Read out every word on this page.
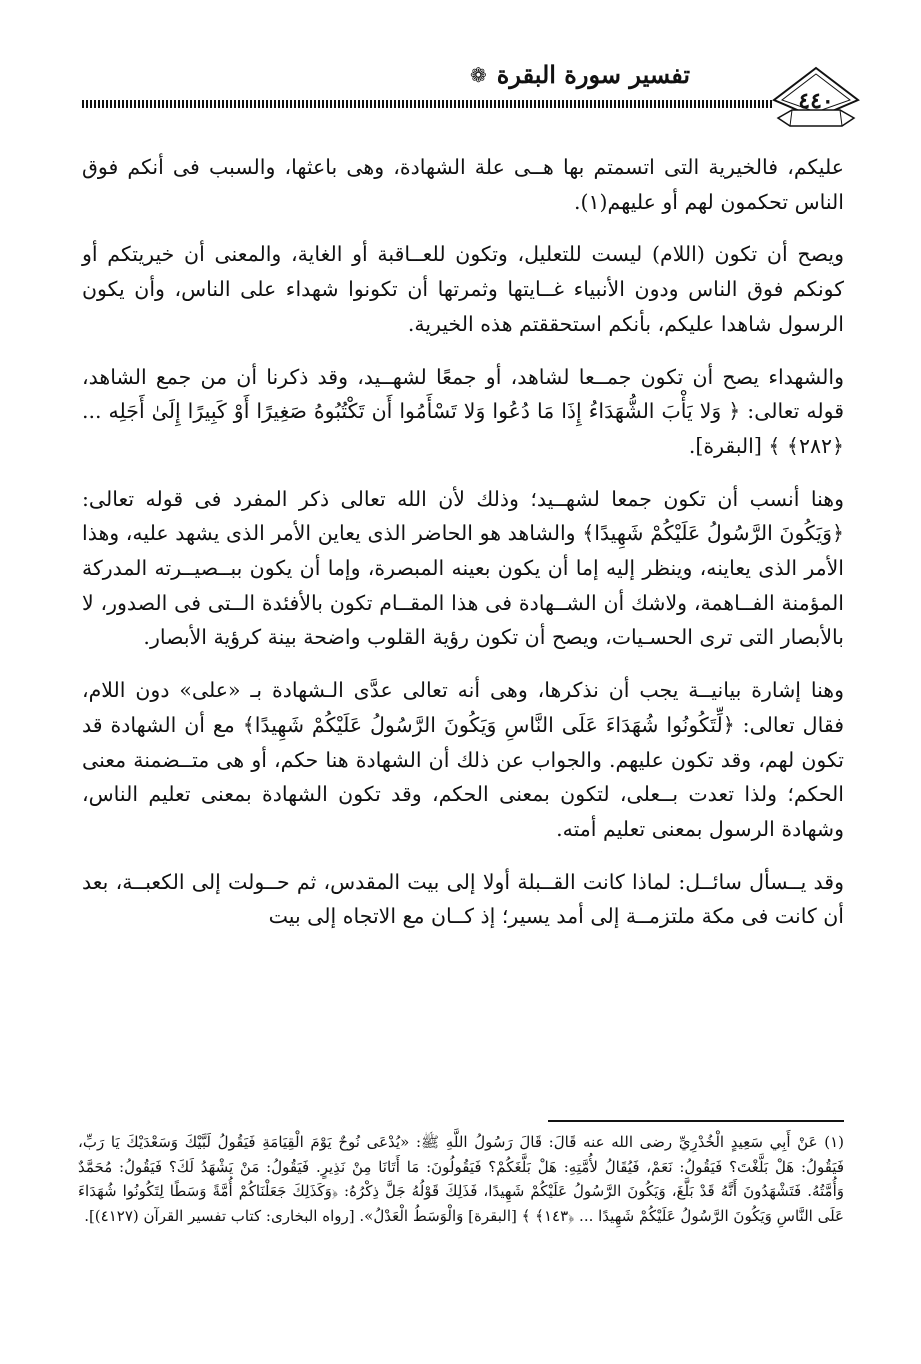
❁ تفسير سورة البقرة
٤٤٠

عليكم، فالخيرية التى اتسمتم بها هــى علة الشهادة، وهى باعثها، والسبب فى أنكم فوق الناس تحكمون لهم أو عليهم(١).

ويصح أن تكون (اللام) ليست للتعليل، وتكون للعــاقبة أو الغاية، والمعنى أن خيريتكم أو كونكم فوق الناس ودون الأنبياء غــايتها وثمرتها أن تكونوا شهداء على الناس، وأن يكون الرسول شاهدا عليكم، بأنكم استحققتم هذه الخيرية.

والشهداء يصح أن تكون جمــعا لشاهد، أو جمعًا لشهــيد، وقد ذكرنا أن من جمع الشاهد، قوله تعالى: ﴿ وَلا يَأْبَ الشُّهَدَاءُ إِذَا مَا دُعُوا وَلا تَسْأَمُوا أَن تَكْتُبُوهُ صَغِيرًا أَوْ كَبِيرًا إِلَىٰ أَجَلِه ... ﴿٢٨٢﴾ ﴾ [البقرة].

وهنا أنسب أن تكون جمعا لشهــيد؛ وذلك لأن الله تعالى ذكر المفرد فى قوله تعالى: ﴿وَيَكُونَ الرَّسُولُ عَلَيْكُمْ شَهِيدًا﴾ والشاهد هو الحاضر الذى يعاين الأمر الذى يشهد عليه، وهذا الأمر الذى يعاينه، وينظر إليه إما أن يكون بعينه المبصرة، وإما أن يكون ببــصيــرته المدركة المؤمنة الفــاهمة، ولاشك أن الشــهادة فى هذا المقــام تكون بالأفئدة الــتى فى الصدور، لا بالأبصار التى ترى الحسـيات، ويصح أن تكون رؤية القلوب واضحة بينة كرؤية الأبصار.

وهنا إشارة بيانيــة يجب أن نذكرها، وهى أنه تعالى عدَّى الـشهادة بـ «على» دون اللام، فقال تعالى: ﴿لِّتَكُونُوا شُهَدَاءَ عَلَى النَّاسِ وَيَكُونَ الرَّسُولُ عَلَيْكُمْ شَهِيدًا﴾ مع أن الشهادة قد تكون لهم، وقد تكون عليهم. والجواب عن ذلك أن الشهادة هنا حكم، أو هى متــضمنة معنى الحكم؛ ولذا تعدت بــعلى، لتكون بمعنى الحكم، وقد تكون الشهادة بمعنى تعليم الناس، وشهادة الرسول بمعنى تعليم أمته.

وقد يــسأل سائــل: لماذا كانت القــبلة أولا إلى بيت المقدس، ثم حــولت إلى الكعبــة، بعد أن كانت فى مكة ملتزمــة إلى أمد يسير؛ إذ كــان مع الاتجاه إلى بيت

(١) عَنْ أَبِي سَعِيدٍ الْخُدْرِيِّ رضى الله عنه قَالَ: قَالَ رَسُولُ اللَّهِ ﷺ: «يُدْعَى نُوحٌ يَوْمَ الْقِيَامَةِ فَيَقُولُ لَبَّيْكَ وَسَعْدَيْكَ يَا رَبِّ، فَيَقُولُ: هَلْ بَلَّغْتَ؟ فَيَقُولُ: نَعَمْ، فَيُقَالُ لأُمَّتِهِ: هَلْ بَلَّغَكُمْ؟ فَيَقُولُونَ: مَا أَتَانَا مِنْ نَذِيرٍ. فَيَقُولُ: مَنْ يَشْهَدُ لَكَ؟ فَيَقُولُ: مُحَمَّدٌ وَأُمَّتُهُ. فَتَشْهَدُونَ أَنَّهُ قَدْ بَلَّغَ، وَيَكُونَ الرَّسُولُ عَلَيْكُمْ شَهِيدًا، فَذَلِكَ قَوْلُهُ جَلَّ ذِكْرُهُ: ﴿وَكَذَلِكَ جَعَلْنَاكُمْ أُمَّةً وَسَطًا لِتَكُونُوا شُهَدَاءَ عَلَى النَّاسِ وَيَكُونَ الرَّسُولُ عَلَيْكُمْ شَهِيدًا ... ﴿١٤٣﴾ ﴾ [البقرة] وَالْوَسَطُ الْعَدْلُ». [رواه البخارى: كتاب تفسير القرآن (٤١٢٧)].
